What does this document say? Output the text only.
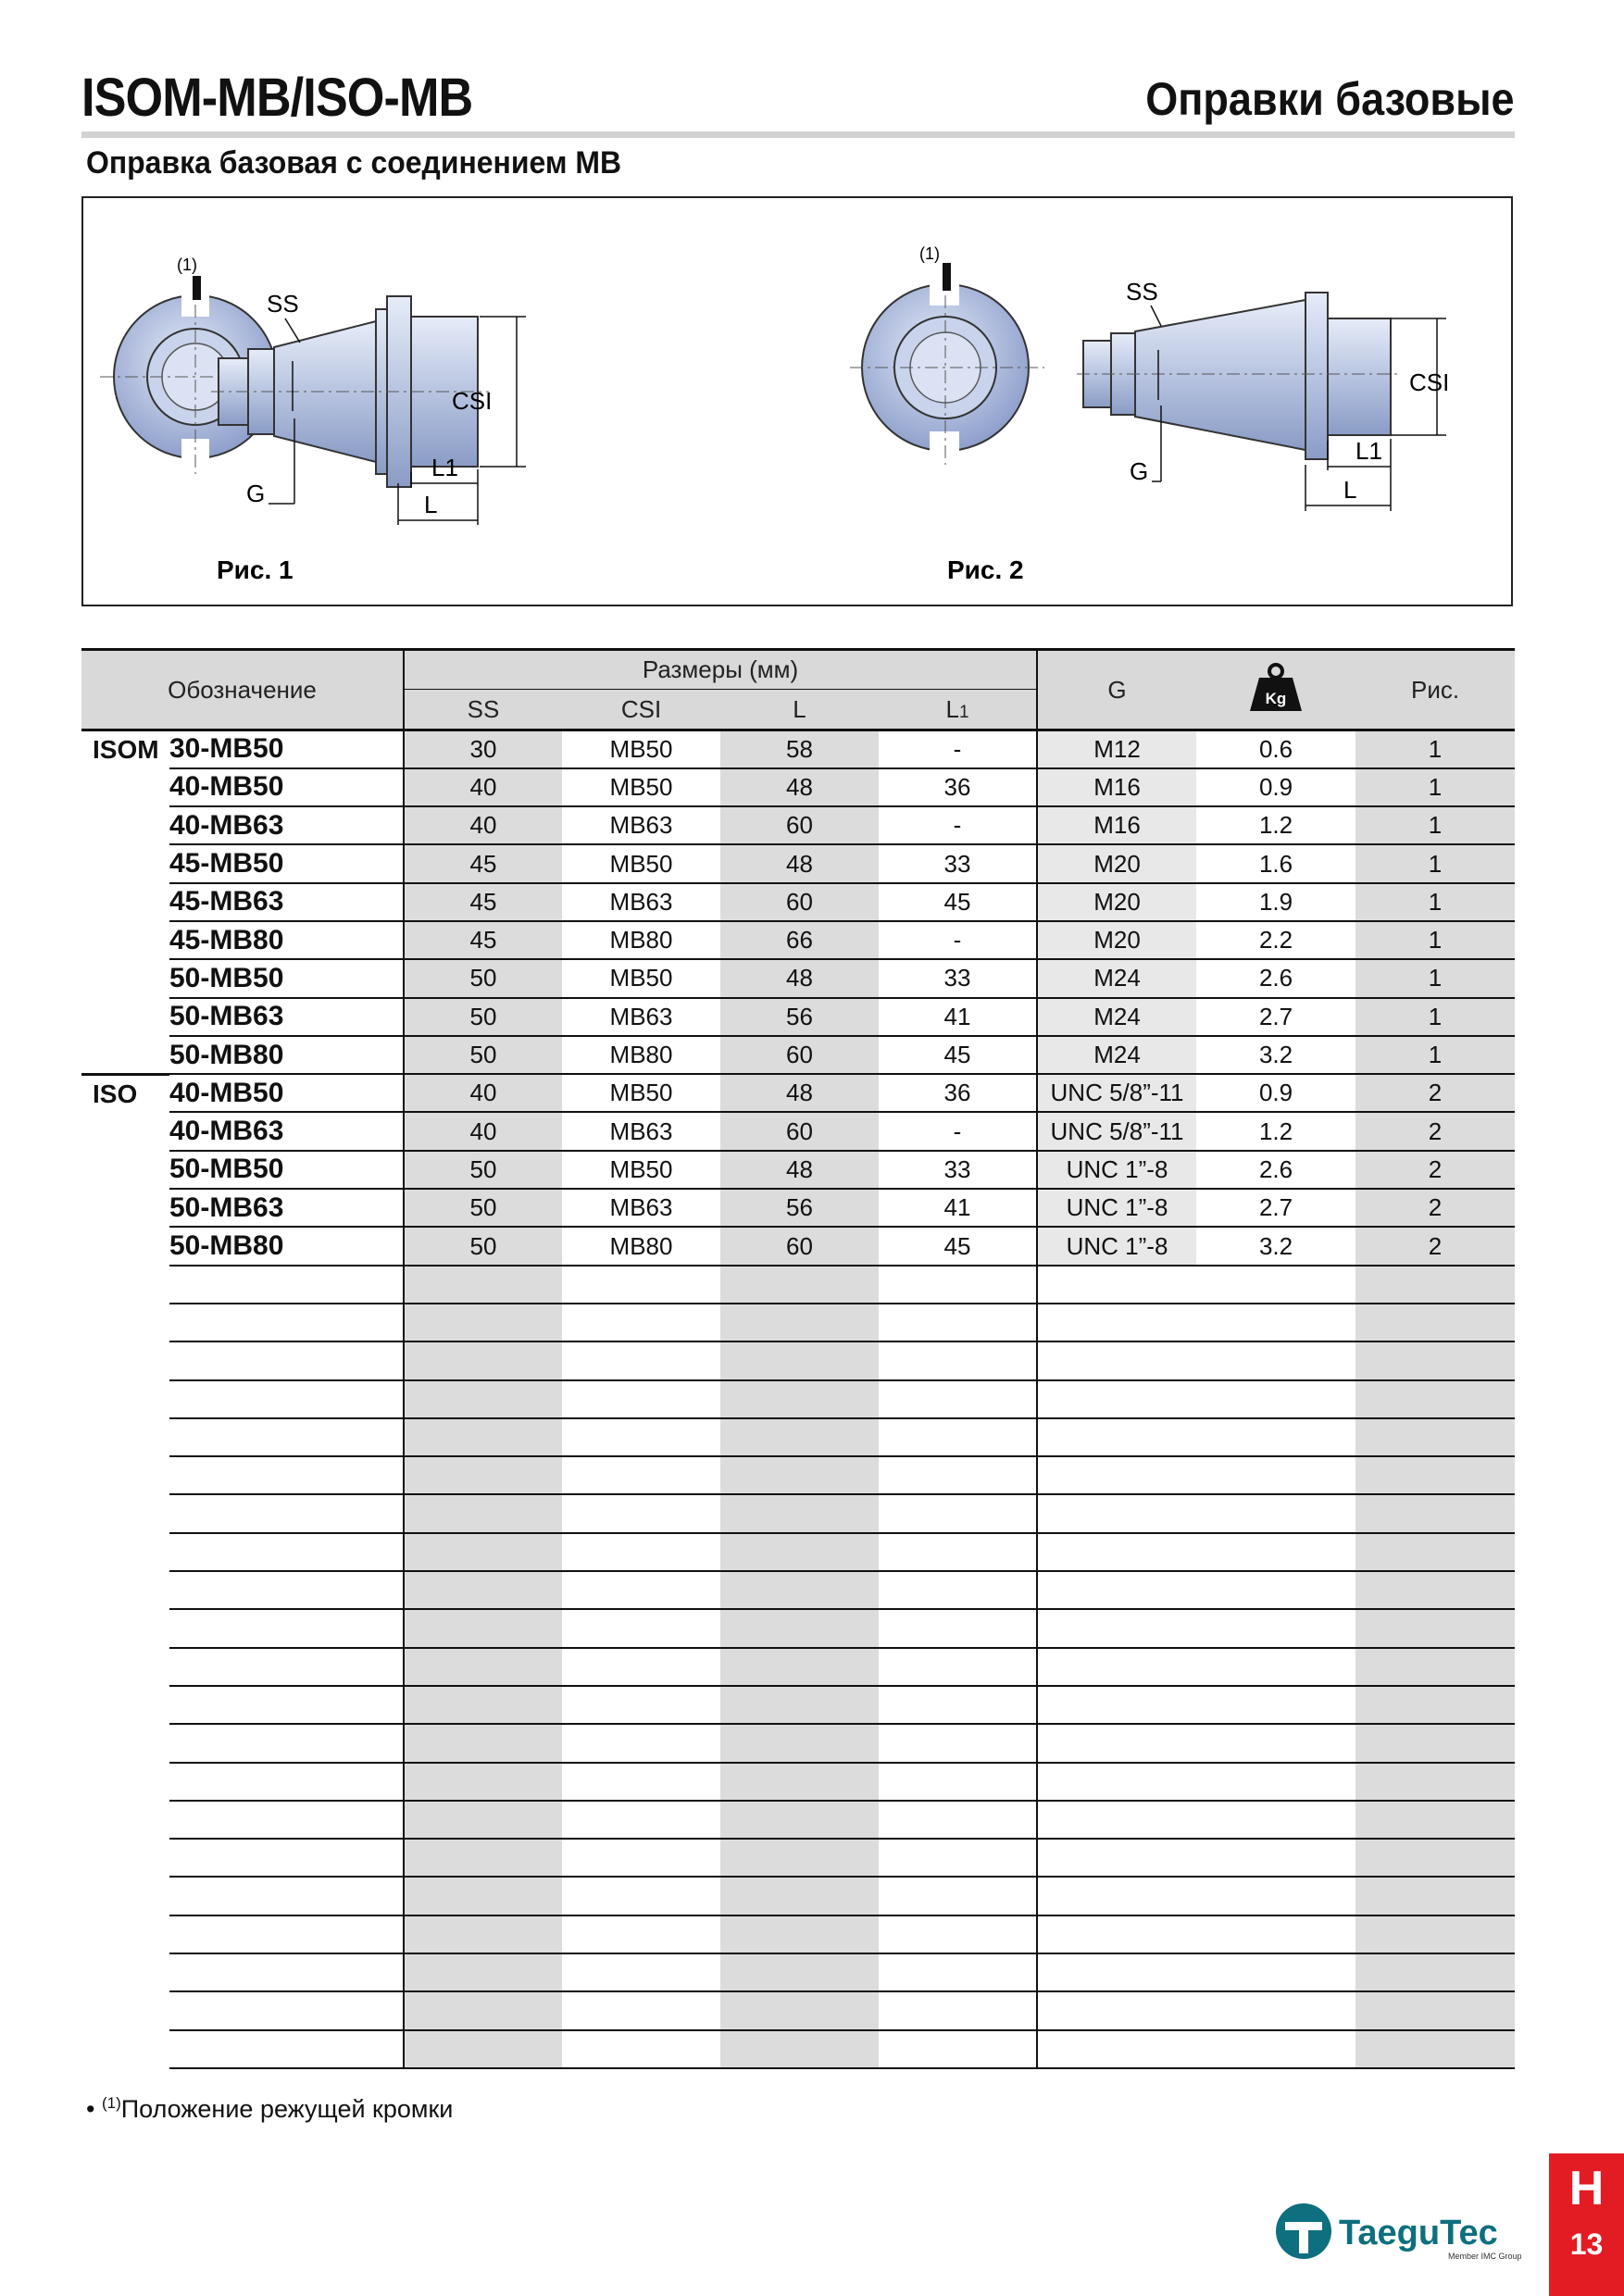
ISOM-MB/ISO-MB	Оправки базовые
Оправка базовая с соединением MB
(1)
SS
G
CSI
L1
L
Рис. 1
(1)
SS
G
CSI
L1
L
Рис. 2
Обозначение		Размеры (мм)				G	Kg	Рис.
		SS	CSI	L	L1			
ISOM	30-MB50	30	MB50	58	-	M12	0.6	1
	40-MB50	40	MB50	48	36	M16	0.9	1
	40-MB63	40	MB63	60	-	M16	1.2	1
	45-MB50	45	MB50	48	33	M20	1.6	1
	45-MB63	45	MB63	60	45	M20	1.9	1
	45-MB80	45	MB80	66	-	M20	2.2	1
	50-MB50	50	MB50	48	33	M24	2.6	1
	50-MB63	50	MB63	56	41	M24	2.7	1
	50-MB80	50	MB80	60	45	M24	3.2	1
ISO	40-MB50	40	MB50	48	36	UNC 5/8”-11	0.9	2
	40-MB63	40	MB63	60	-	UNC 5/8”-11	1.2	2
	50-MB50	50	MB50	48	33	UNC 1”-8	2.6	2
	50-MB63	50	MB63	56	41	UNC 1”-8	2.7	2
	50-MB80	50	MB80	60	45	UNC 1”-8	3.2	2

• $^{(1)}$Положение режущей кромки
TaeguTec
Member IMC Group
H
13
